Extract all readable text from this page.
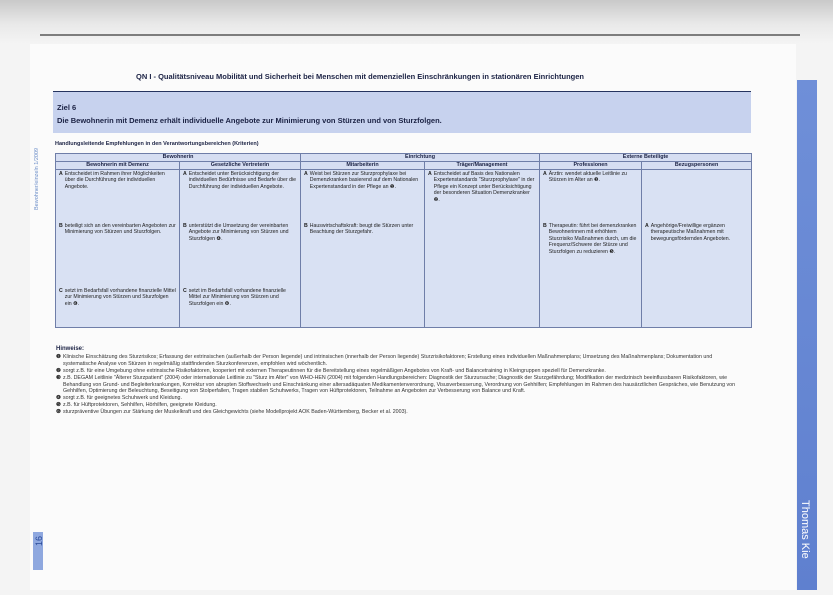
Bewohner/einzeln 1/2009
16	Thomas Kie
QN I - Qualitätsniveau Mobilität und Sicherheit bei Menschen mit demenziellen Einschränkungen in stationären Einrichtungen
Ziel 6
Die Bewohnerin mit Demenz erhält individuelle Angebote zur Minimierung von Stürzen und von Sturzfolgen.
Handlungsleitende Empfehlungen in den Verantwortungsbereichen (Kriterien)
Bewohnerin		Einrichtung		Externe Beteiligte	
Bewohnerin mit Demenz	Gesetzliche Vertreterin	Mitarbeiterin	Träger/Management	Professionen	Bezugspersonen

A Entscheidet im Rahmen ihrer Möglichkeiten über die Durchführung der individuellen Angebote.	A Entscheidet unter Berücksichtigung der individuellen Bedürfnisse und Bedarfe über die Durchführung der individuellen Angebote.	A Weist bei Stürzen zur Sturzprophylaxe bei Demenzkranken basierend auf dem Nationalen Expertenstandard in der Pflege an ❶.	A Entscheidet auf Basis des Nationalen Expertenstandards "Sturzprophylaxe" in der Pflege ein Konzept unter Berücksichtigung der besonderen Situation Demenzkranker ❷.	A Ärztin: wendet aktuelle Leitlinie zu Stürzen im Alter an ❸.	

B beteiligt sich an den vereinbarten Angeboten zur Minimierung von Stürzen und Sturzfolgen.	B unterstützt die Umsetzung der vereinbarten Angebote zur Minimierung von Stürzen und Sturzfolgen ❹.	B Hauswirtschaftskraft: beugt die Stürzen unter Beachtung der Sturzgefahr.		B Therapeutin: führt bei demenzkranken Bewohnerinnen mit erhöhtem Sturzrisiko Maßnahmen durch, um die Frequenz/Schwere der Stürze und Sturzfolgen zu reduzieren ❺.	A Angehörige/Freiwillige ergänzen therapeutische Maßnahmen mit bewegungsfördernden Angeboten.

C setzt im Bedarfsfall vorhandene finanzielle Mittel zur Minimierung von Stürzen und Sturzfolgen ein ❻.	C setzt im Bedarfsfall vorhandene finanzielle Mittel zur Minimierung von Stürzen und Sturzfolgen ein ❻.				

Hinweise:
❶ Klinische Einschätzung des Sturzrisikos; Erfassung der extrinsischen (außerhalb der Person liegende) und intrinsischen (innerhalb der Person liegende) Sturzrisikofaktoren; Erstellung eines individuellen Maßnahmenplans; Umsetzung des Maßnahmenplans; Dokumentation und systematische Analyse von Stürzen in regelmäßig stattfindenden Sturzkonferenzen, empfohlen wird wöchentlich.
❷ sorgt z.B. für eine Umgebung ohne extrinsische Risikofaktoren, kooperiert mit externen Therapeutinnen für die Bereitstellung eines regelmäßigen Angebotes von Kraft- und Balancetraining in Kleingruppen speziell für Demenzkranke.
❸ z.B. DEGAM Leitlinie "Älterer Sturzpatient" (2004) oder internationale Leitlinie zu "Sturz im Alter" von WHO-HEN (2004) mit folgenden Handlungsbereichen: Diagnostik der Sturzursache; Diagnostik der Sturzgefährdung; Modifikation der medizinisch beeinflussbaren Risikofaktoren, wie Behandlung von Grund- und Begleiterkrankungen, Korrektur von abrupten Stoffwechseln und Einschränkung einer altersadäquaten Medikamentenverordnung, Visusverbesserung, Verordnung von Gehhilfen; Empfehlungen im Rahmen des hausärztlichen Gespräches, wie Benutzung von Gehhilfen, Optimierung der Beleuchtung, Beseitigung von Stolperfallen, Tragen stabilen Schuhwerks, Tragen von Hüftprotektoren, Teilnahme an Angeboten zur Verbesserung von Balance und Kraft.
❹ sorgt z.B. für geeignetes Schuhwerk und Kleidung.
❺ z.B. für Hüftprotektoren, Sehhilfen, Hörhilfen, geeignete Kleidung.
❻ sturzpräventive Übungen zur Stärkung der Muskelkraft und des Gleichgewichts (siehe Modellprojekt AOK Baden-Württemberg, Becker et al. 2003).
